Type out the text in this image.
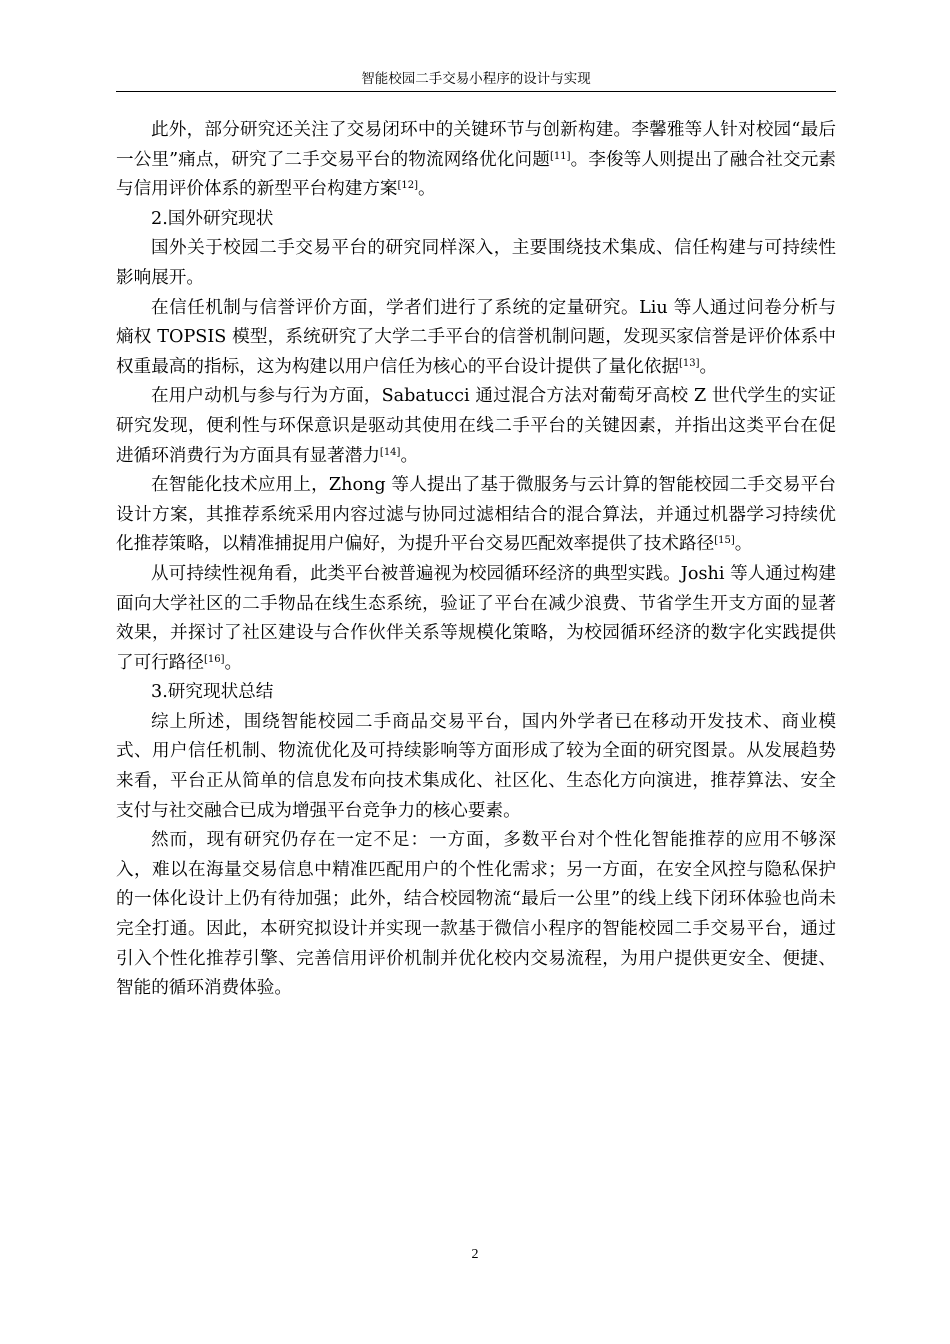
智能校园二手交易小程序的设计与实现

此外，部分研究还关注了交易闭环中的关键环节与创新构建。李馨雅等人针对校园“最后一公里”痛点，研究了二手交易平台的物流网络优化问题[11]。李俊等人则提出了融合社交元素与信用评价体系的新型平台构建方案[12]。

2.国外研究现状

国外关于校园二手交易平台的研究同样深入，主要围绕技术集成、信任构建与可持续性影响展开。

在信任机制与信誉评价方面，学者们进行了系统的定量研究。Liu 等人通过问卷分析与熵权 TOPSIS 模型，系统研究了大学二手平台的信誉机制问题，发现买家信誉是评价体系中权重最高的指标，这为构建以用户信任为核心的平台设计提供了量化依据[13]。

在用户动机与参与行为方面，Sabatucci 通过混合方法对葡萄牙高校 Z 世代学生的实证研究发现，便利性与环保意识是驱动其使用在线二手平台的关键因素，并指出这类平台在促进循环消费行为方面具有显著潜力[14]。

在智能化技术应用上，Zhong 等人提出了基于微服务与云计算的智能校园二手交易平台设计方案，其推荐系统采用内容过滤与协同过滤相结合的混合算法，并通过机器学习持续优化推荐策略，以精准捕捉用户偏好，为提升平台交易匹配效率提供了技术路径[15]。

从可持续性视角看，此类平台被普遍视为校园循环经济的典型实践。Joshi 等人通过构建面向大学社区的二手物品在线生态系统，验证了平台在减少浪费、节省学生开支方面的显著效果，并探讨了社区建设与合作伙伴关系等规模化策略，为校园循环经济的数字化实践提供了可行路径[16]。

3.研究现状总结

综上所述，围绕智能校园二手商品交易平台，国内外学者已在移动开发技术、商业模式、用户信任机制、物流优化及可持续影响等方面形成了较为全面的研究图景。从发展趋势来看，平台正从简单的信息发布向技术集成化、社区化、生态化方向演进，推荐算法、安全支付与社交融合已成为增强平台竞争力的核心要素。

然而，现有研究仍存在一定不足：一方面，多数平台对个性化智能推荐的应用不够深入，难以在海量交易信息中精准匹配用户的个性化需求；另一方面，在安全风控与隐私保护的一体化设计上仍有待加强；此外，结合校园物流“最后一公里”的线上线下闭环体验也尚未完全打通。因此，本研究拟设计并实现一款基于微信小程序的智能校园二手交易平台，通过引入个性化推荐引擎、完善信用评价机制并优化校内交易流程，为用户提供更安全、便捷、智能的循环消费体验。

2
